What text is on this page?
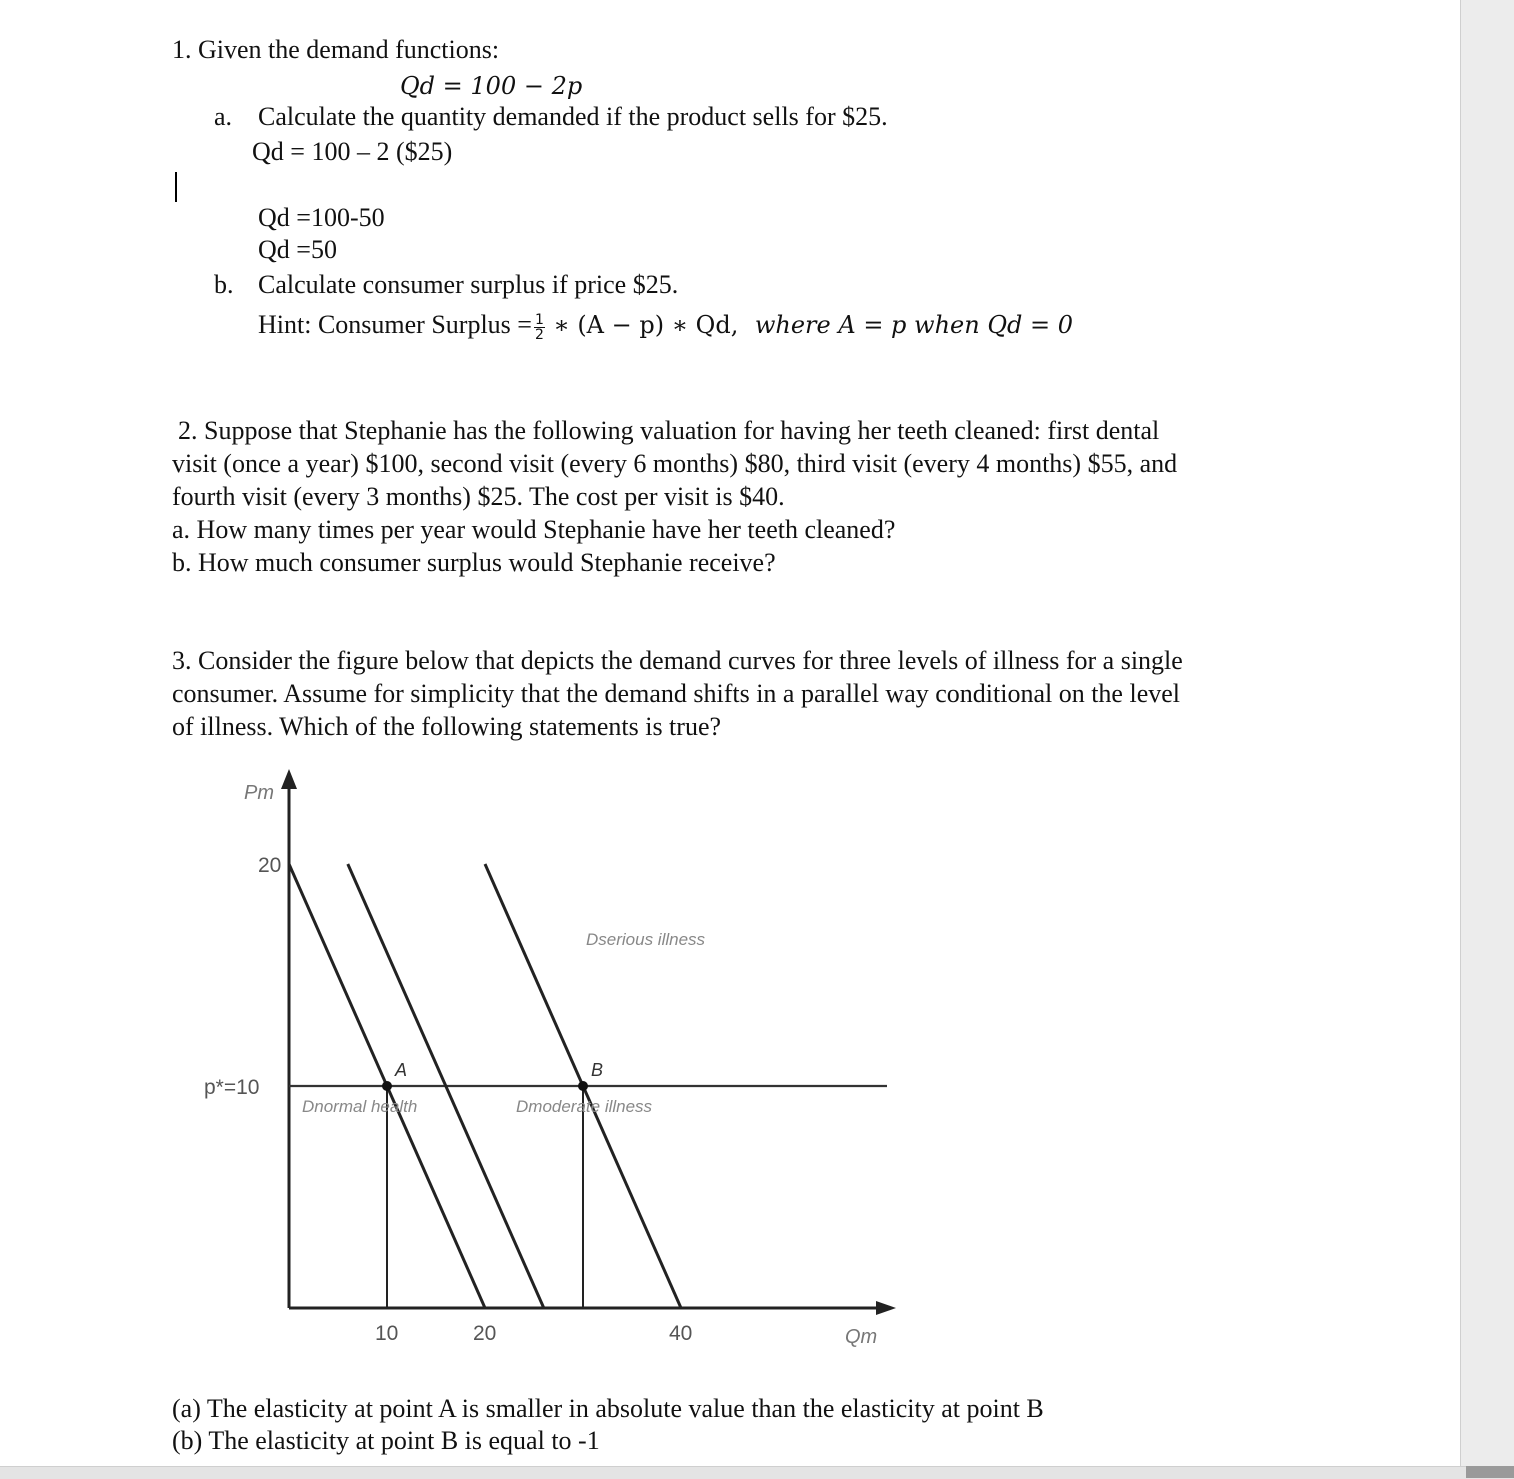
1. Given the demand functions:
Qd = 100 − 2p
a. Calculate the quantity demanded if the product sells for $25.
Qd = 100 – 2 ($25)
Qd =100-50
Qd =50
b. Calculate consumer surplus if price $25.
Hint: Consumer Surplus = $\frac{1}{2}$ ∗ (A − p) ∗ Qd, where A = p when Qd = 0
2. Suppose that Stephanie has the following valuation for having her teeth cleaned: first dental
visit (once a year) $100, second visit (every 6 months) $80, third visit (every 4 months) $55, and
fourth visit (every 3 months) $25. The cost per visit is $40.
a. How many times per year would Stephanie have her teeth cleaned?
b. How much consumer surplus would Stephanie receive?
3. Consider the figure below that depicts the demand curves for three levels of illness for a single
consumer. Assume for simplicity that the demand shifts in a parallel way conditional on the level
of illness. Which of the following statements is true?
A	B
Pm
Qm
20
p*=10
10	20	40
Dnormal health	Dmoderate illness
Dserious illness
(a) The elasticity at point A is smaller in absolute value than the elasticity at point B
(b) The elasticity at point B is equal to -1
